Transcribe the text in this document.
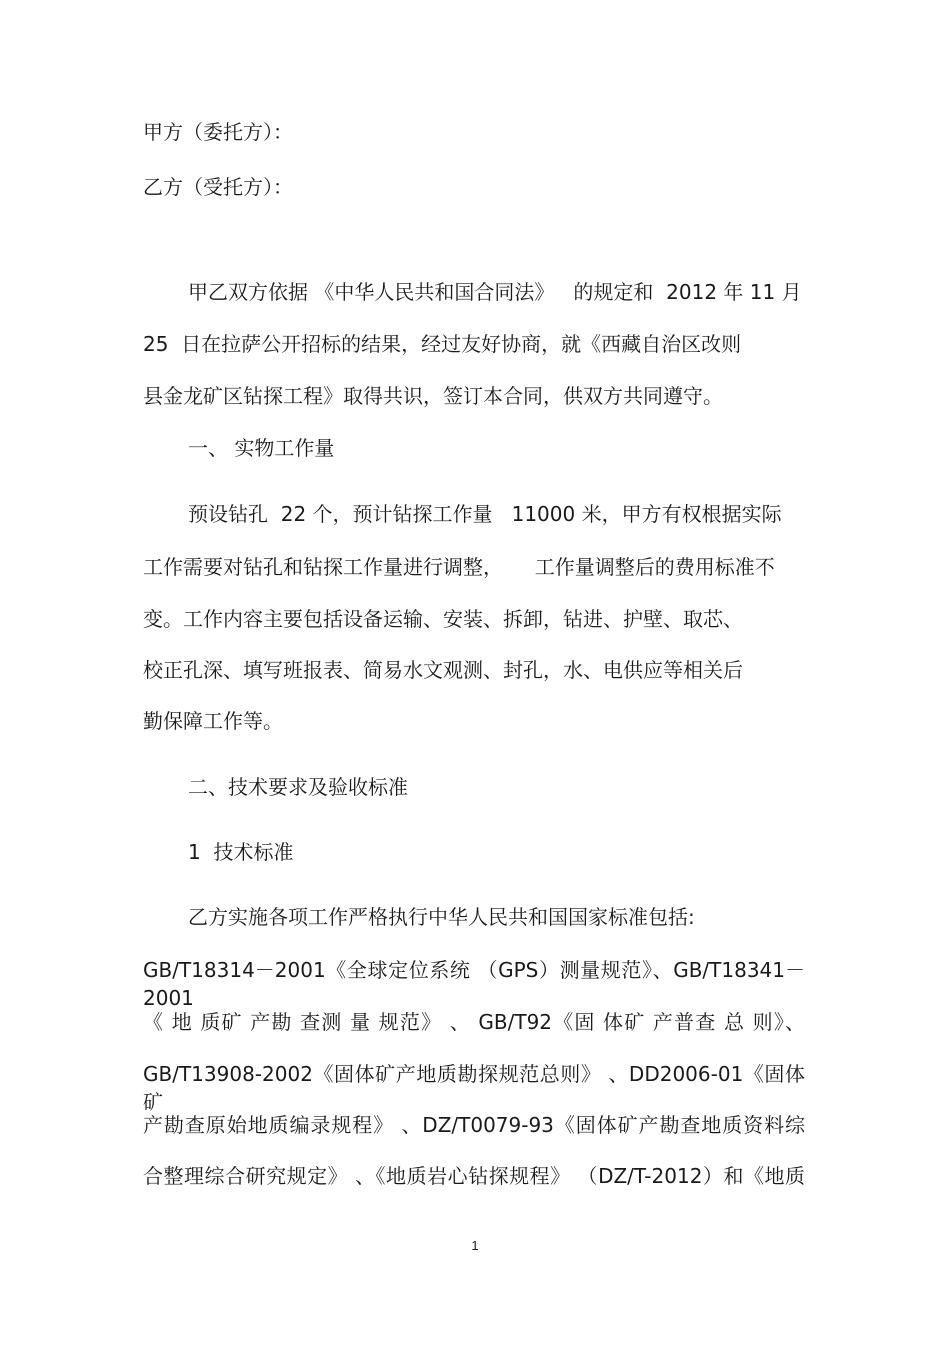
甲方（委托方）：

乙方（受托方）：

甲乙双方依据 《中华人民共和国合同法》   的规定和  2012 年 11 月

25  日在拉萨公开招标的结果，经过友好协商，就《西藏自治区改则

县金龙矿区钻探工程》取得共识，签订本合同，供双方共同遵守。

一、 实物工作量

预设钻孔  22 个，预计钻探工作量   11000 米，甲方有权根据实际

工作需要对钻孔和钻探工作量进行调整，     工作量调整后的费用标准不

变。工作内容主要包括设备运输、安装、拆卸，钻进、护壁、取芯、

校正孔深、填写班报表、简易水文观测、封孔，水、电供应等相关后

勤保障工作等。

二、技术要求及验收标准

1  技术标准

乙方实施各项工作严格执行中华人民共和国国家标准包括:

GB/T18314－2001《全球定位系统 （GPS）测量规范》、GB/T18341－2001

《 地 质矿 产勘 查测 量 规范》 、 GB/T92《固 体矿 产普查 总 则》、

GB/T13908-2002《固体矿产地质勘探规范总则》 、DD2006-01《固体矿

产勘查原始地质编录规程》 、DZ/T0079-93《固体矿产勘查地质资料综

合整理综合研究规定》 、《地质岩心钻探规程》 （DZ/T-2012）和《地质

1
